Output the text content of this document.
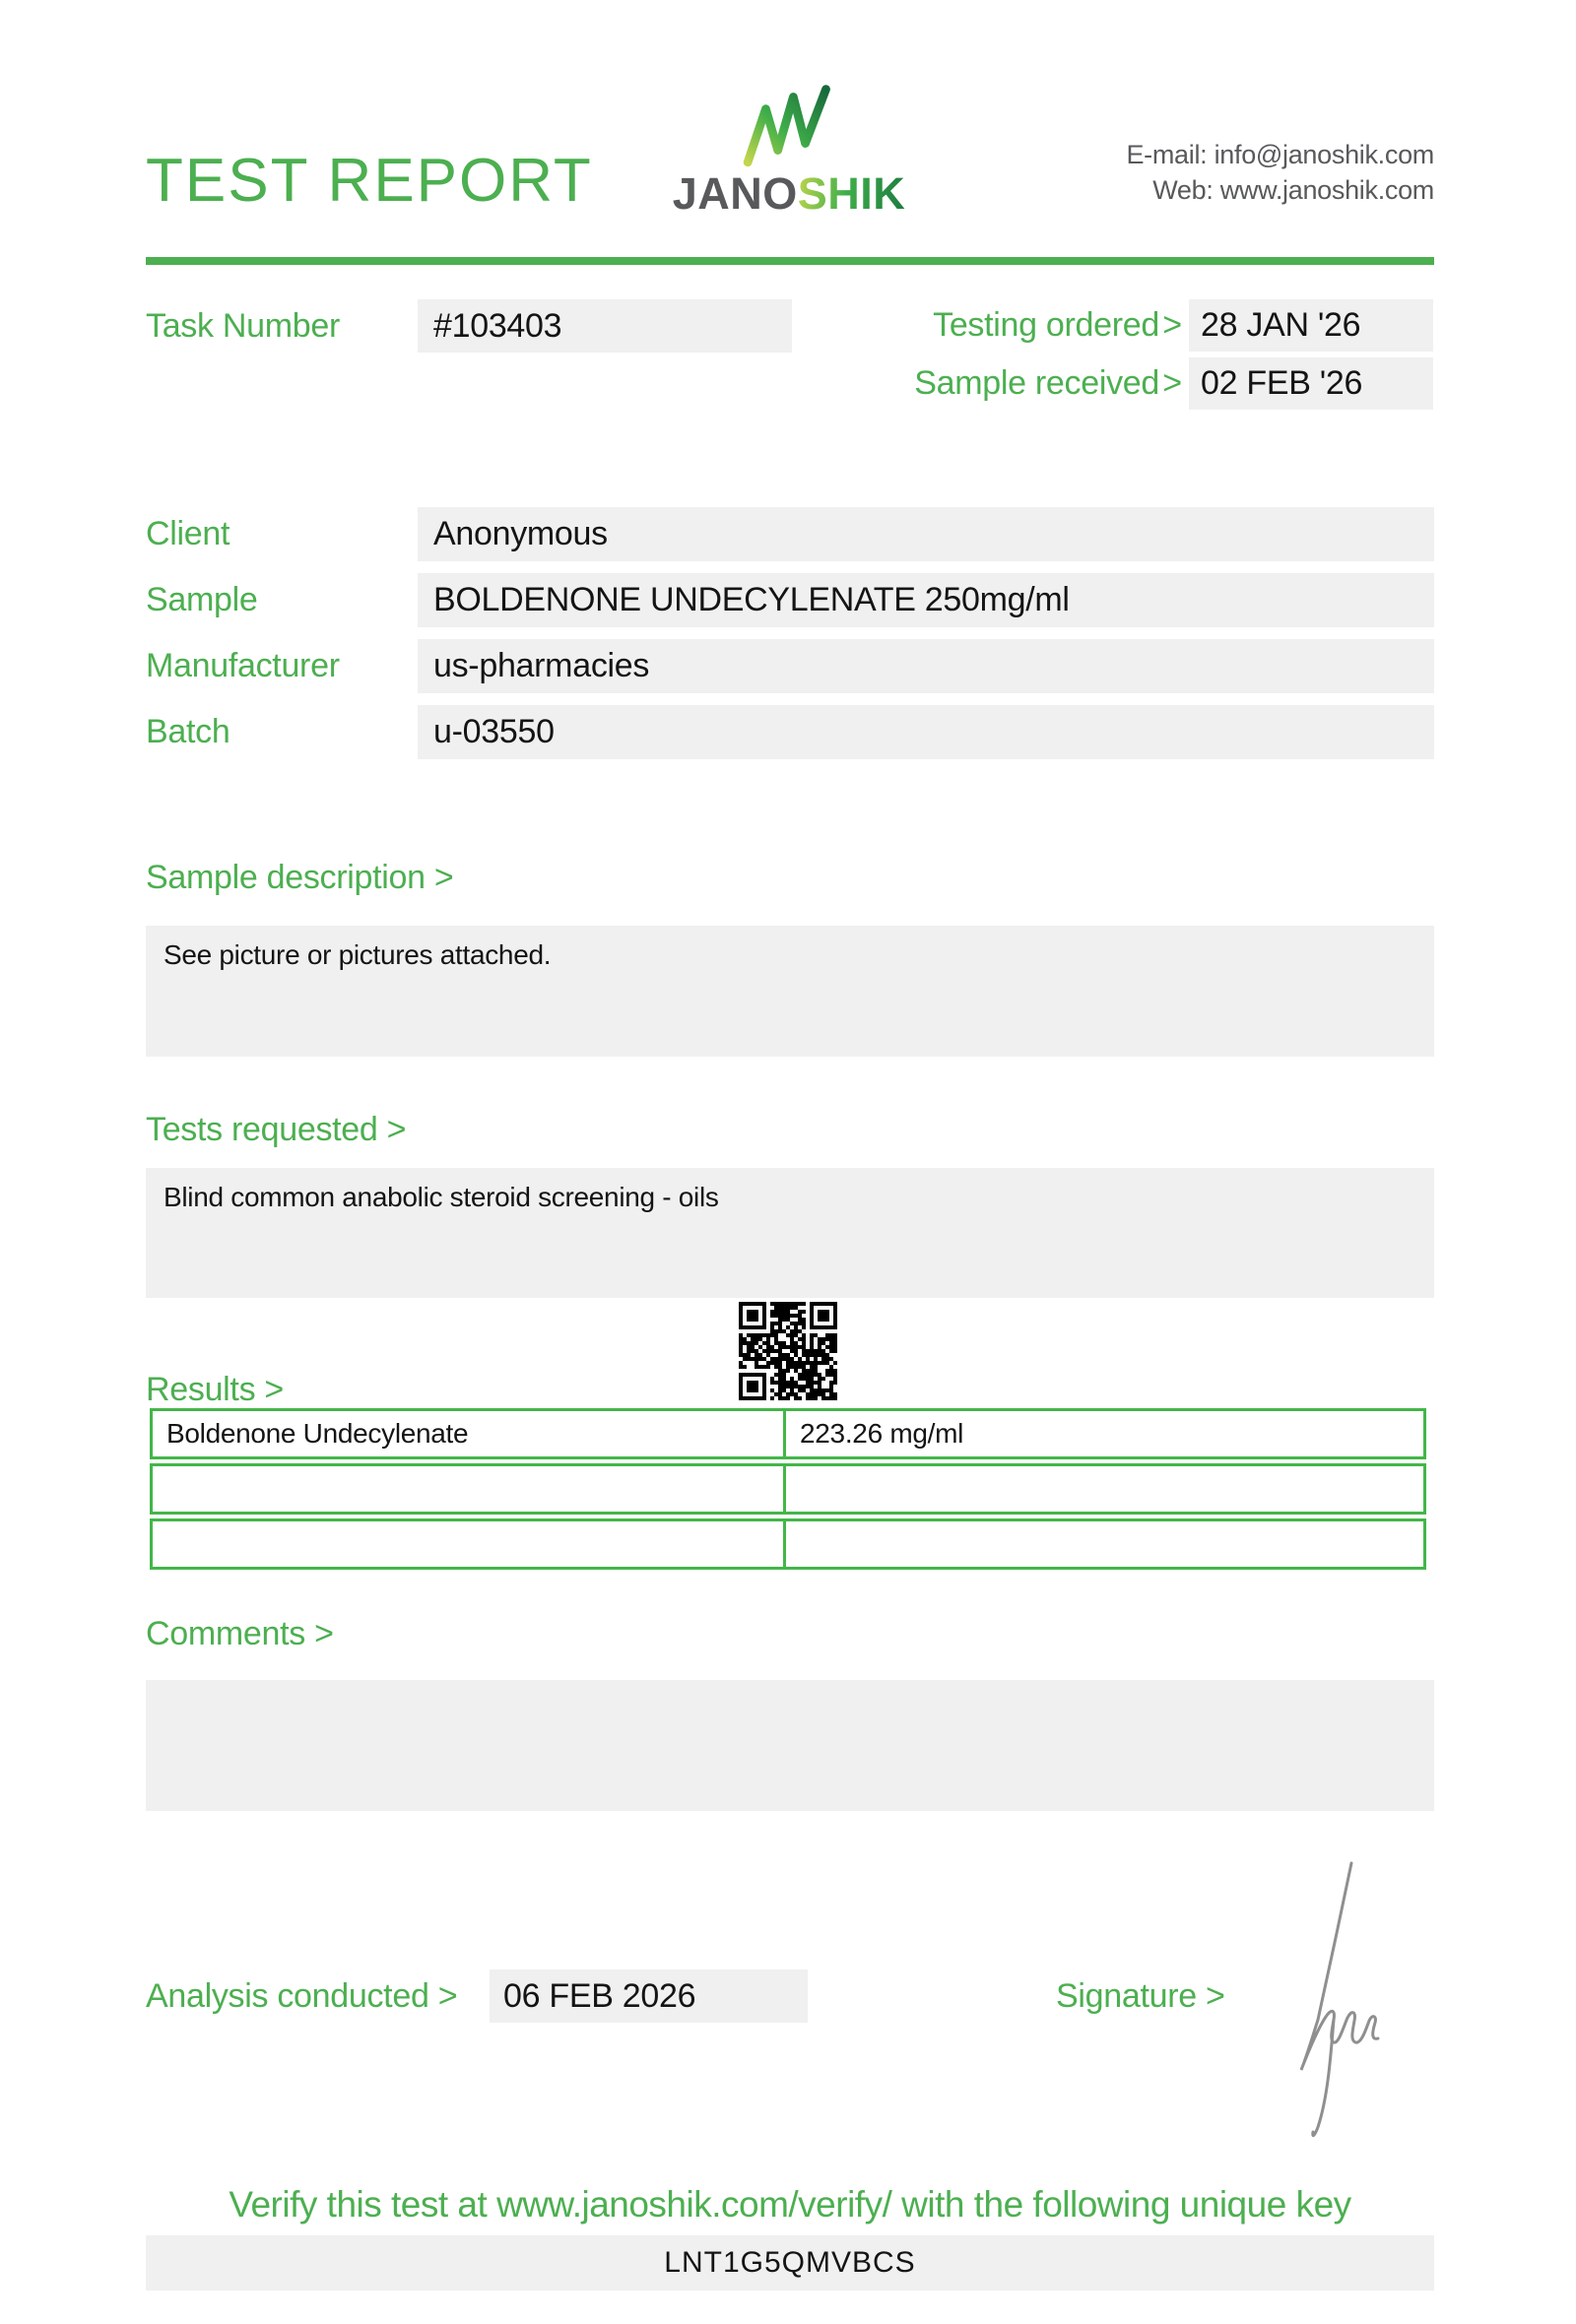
TEST REPORT JANOSHIK
E-mail: info@janoshik.com
Web: www.janoshik.com
Task Number	#103403	Testing ordered > 28 JAN '26
Sample received > 02 FEB '26
Client	Anonymous
Sample	BOLDENONE UNDECYLENATE 250mg/ml
Manufacturer	us-pharmacies
Batch	u-03550
Sample description >
See picture or pictures attached.
Tests requested >
Blind common anabolic steroid screening - oils
Results >
Boldenone Undecylenate	223.26 mg/ml
Comments >
Analysis conducted >	06 FEB 2026	Signature >
Verify this test at www.janoshik.com/verify/ with the following unique key
LNT1G5QMVBCS
